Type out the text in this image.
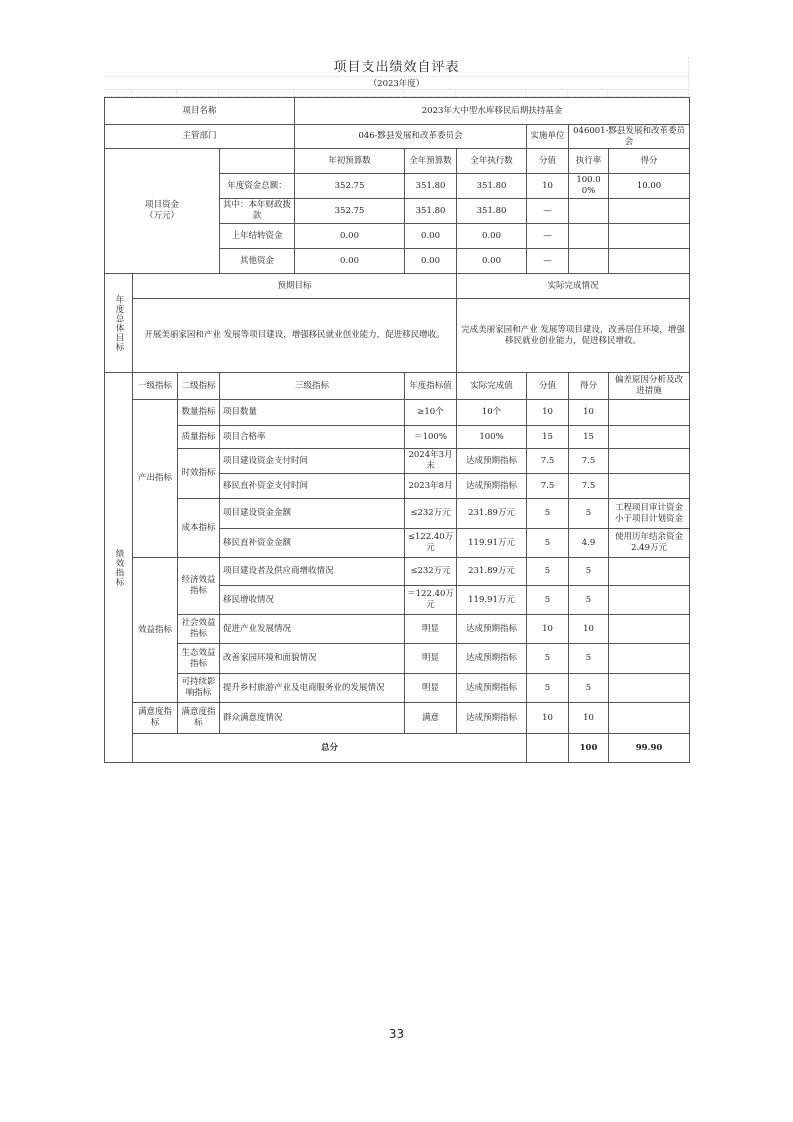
项目支出绩效自评表
（2023年度）
项目名称				2023年大中型水库移民后期扶持基金						
主管部门				046-黟县发展和改革委员会			实施单位	046001-黟县发展和改革委员会		
项目资金
（万元）				年初预算数	全年预算数	全年执行数	分值	执行率	得分	
			年度资金总额：	352.75	351.80	351.80	10	100.00%	10.00	
			其中：本年财政拨款	352.75	351.80	351.80	—			
			上年结转资金	0.00	0.00	0.00	—			
			其他资金	0.00	0.00	0.00	—			
年度总体目标	预期目标					实际完成情况				
	开展美丽家园和产业 发展等项目建设，增强移民就业创业能力，促进移民增收。					完成美丽家园和产业 发展等项目建设，改善居住环境，增强移民就业创业能力，促进移民增收。				
绩效指标	一级指标	二级指标	三级指标		年度指标值	实际完成值	分值	得分	偏差原因分析及改进措施	
	产出指标	数量指标	项目数量		≥10个	10个	10	10		
		质量指标	项目合格率		＝100%	100%	15	15		
		时效指标	项目建设资金支付时间		2024年3月末	达成预期指标	7.5	7.5		
			移民直补资金支付时间		2023年8月	达成预期指标	7.5	7.5		
		成本指标	项目建设资金金额		≤232万元	231.89万元	5	5	工程项目审计资金小于项目计划资金	
			移民直补资金金额		≤122.40万元	119.91万元	5	4.9	使用历年结余资金2.49万元	
	效益指标	经济效益指标	项目建设者及供应商增收情况		≤232万元	231.89万元	5	5		
			移民增收情况		＝122.40万元	119.91万元	5	5		
		社会效益指标	促进产业发展情况		明显	达成预期指标	10	10		
		生态效益指标	改善家园环境和面貌情况		明显	达成预期指标	5	5		
		可持续影响指标	提升乡村旅游产业及电商服务业的发展情况		明显	达成预期指标	5	5		
	满意度指标	满意度指标	群众满意度情况		满意	达成预期指标	10	10		
	总分							100	99.90	
33
